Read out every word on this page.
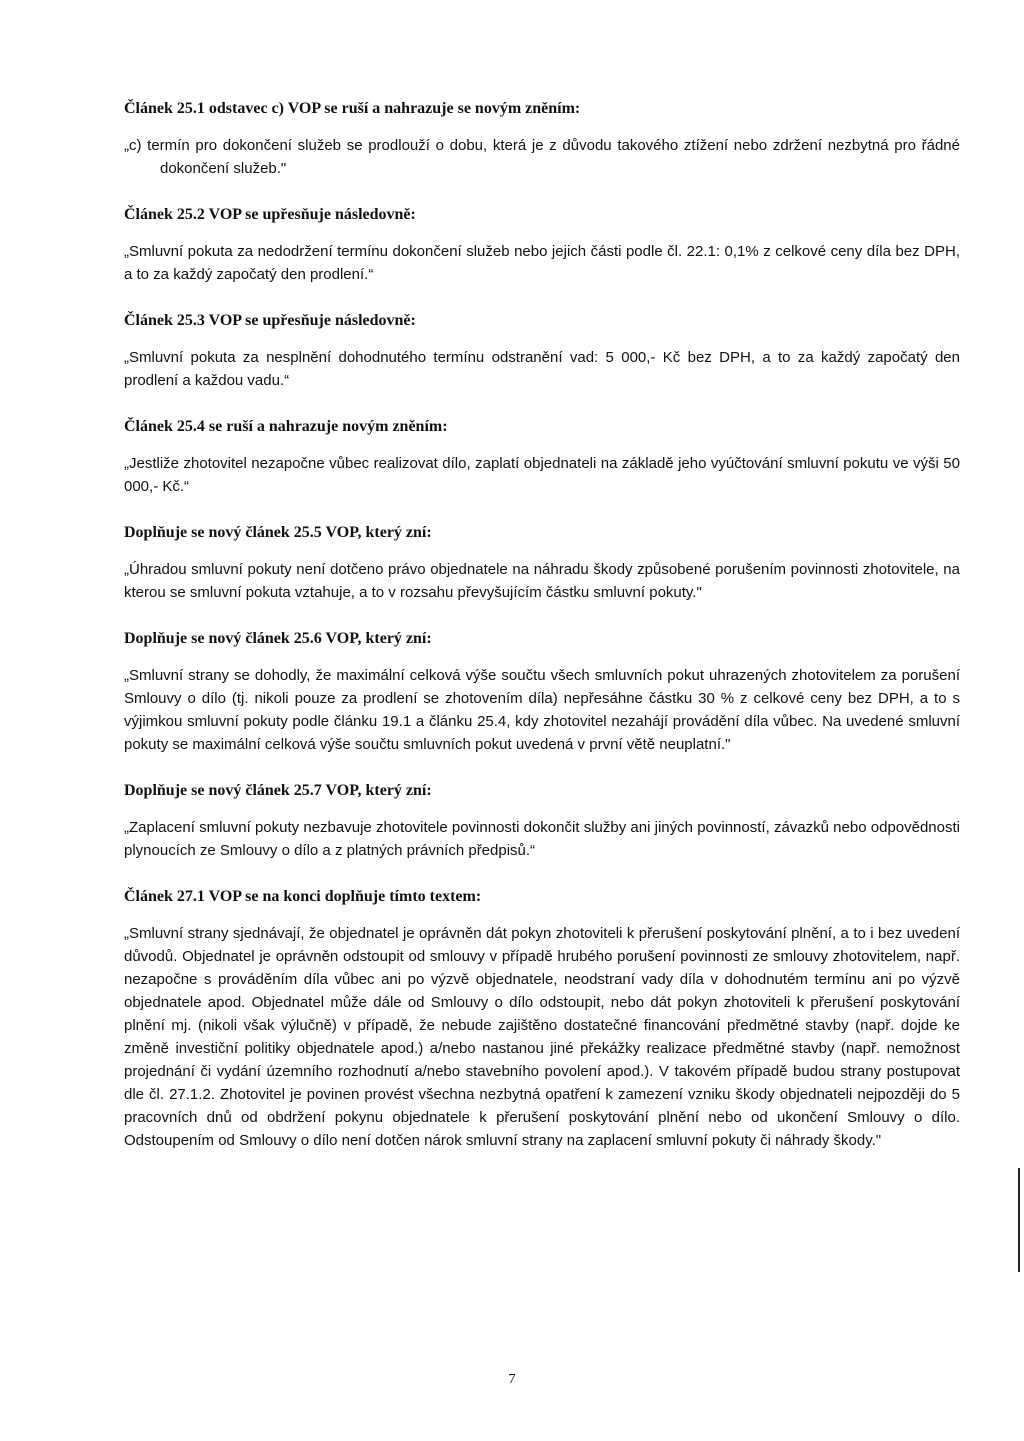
Článek 25.1 odstavec c) VOP se ruší a nahrazuje se novým zněním:

„c) termín pro dokončení služeb se prodlouží o dobu, která je z důvodu takového ztížení nebo zdržení nezbytná pro řádné dokončení služeb."

Článek 25.2 VOP se upřesňuje následovně:

„Smluvní pokuta za nedodržení termínu dokončení služeb nebo jejich části podle čl. 22.1: 0,1% z celkové ceny díla bez DPH, a to za každý započatý den prodlení.“

Článek 25.3 VOP se upřesňuje následovně:

„Smluvní pokuta za nesplnění dohodnutého termínu odstranění vad: 5 000,- Kč bez DPH, a to za každý započatý den prodlení a každou vadu.“

Článek 25.4 se ruší a nahrazuje novým zněním:

„Jestliže zhotovitel nezapočne vůbec realizovat dílo, zaplatí objednateli na základě jeho vyúčtování smluvní pokutu ve výši 50 000,- Kč.“

Doplňuje se nový článek 25.5 VOP, který zní:

„Úhradou smluvní pokuty není dotčeno právo objednatele na náhradu škody způsobené porušením povinnosti zhotovitele, na kterou se smluvní pokuta vztahuje, a to v rozsahu převyšujícím částku smluvní pokuty."

Doplňuje se nový článek 25.6 VOP, který zní:

„Smluvní strany se dohodly, že maximální celková výše součtu všech smluvních pokut uhrazených zhotovitelem za porušení Smlouvy o dílo (tj. nikoli pouze za prodlení se zhotovením díla) nepřesáhne částku 30 % z celkové ceny bez DPH, a to s výjimkou smluvní pokuty podle článku 19.1 a článku 25.4, kdy zhotovitel nezahájí provádění díla vůbec. Na uvedené smluvní pokuty se maximální celková výše součtu smluvních pokut uvedená v první větě neuplatní."

Doplňuje se nový článek 25.7 VOP, který zní:

„Zaplacení smluvní pokuty nezbavuje zhotovitele povinnosti dokončit služby ani jiných povinností, závazků nebo odpovědnosti plynoucích ze Smlouvy o dílo a z platných právních předpisů.“

Článek 27.1 VOP se na konci doplňuje tímto textem:

„Smluvní strany sjednávají, že objednatel je oprávněn dát pokyn zhotoviteli k přerušení poskytování plnění, a to i bez uvedení důvodů. Objednatel je oprávněn odstoupit od smlouvy v případě hrubého porušení povinnosti ze smlouvy zhotovitelem, např. nezapočne s prováděním díla vůbec ani po výzvě objednatele, neodstraní vady díla v dohodnutém termínu ani po výzvě objednatele apod. Objednatel může dále od Smlouvy o dílo odstoupit, nebo dát pokyn zhotoviteli k přerušení poskytování plnění mj. (nikoli však výlučně) v případě, že nebude zajištěno dostatečné financování předmětné stavby (např. dojde ke změně investiční politiky objednatele apod.) a/nebo nastanou jiné překážky realizace předmětné stavby (např. nemožnost projednání či vydání územního rozhodnutí a/nebo stavebního povolení apod.). V takovém případě budou strany postupovat dle čl. 27.1.2. Zhotovitel je povinen provést všechna nezbytná opatření k zamezení vzniku škody objednateli nejpozději do 5 pracovních dnů od obdržení pokynu objednatele k přerušení poskytování plnění nebo od ukončení Smlouvy o dílo. Odstoupením od Smlouvy o dílo není dotčen nárok smluvní strany na zaplacení smluvní pokuty či náhrady škody."

7
